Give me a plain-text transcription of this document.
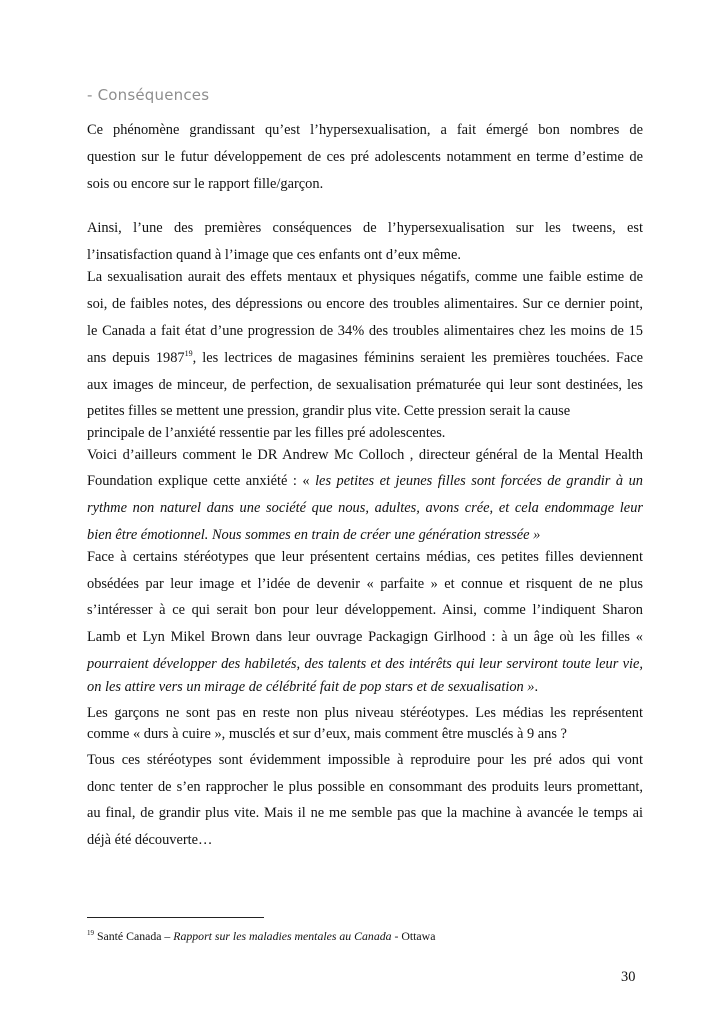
- Conséquences
Ce phénomène grandissant qu’est l’hypersexualisation, a fait émergé bon nombres de
question sur le futur développement de ces pré adolescents notamment en terme d’estime de
sois ou encore sur le rapport fille/garçon.
Ainsi, l’une des premières conséquences de l’hypersexualisation sur les tweens, est
l’insatisfaction quand à l’image que ces enfants ont d’eux même.
La sexualisation aurait des effets mentaux et physiques négatifs, comme une faible estime de
soi, de faibles notes, des dépressions ou encore des troubles alimentaires. Sur ce dernier point,
le Canada a fait état d’une progression de 34% des troubles alimentaires chez les moins de 15
ans depuis 1987$^{19}$, les lectrices de magasines féminins seraient les premières touchées. Face
aux images de minceur, de perfection, de sexualisation prématurée qui leur sont destinées, les
petites filles se mettent une pression, grandir plus vite. Cette pression serait la cause
principale de l’anxiété ressentie par les filles pré adolescentes.
Voici d’ailleurs comment le DR Andrew Mc Colloch , directeur général de la Mental Health
Foundation explique cette anxiété : « les petites et jeunes filles sont forcées de grandir à un
rythme non naturel dans une société que nous, adultes, avons crée, et cela endommage leur
bien être émotionnel. Nous sommes en train de créer une génération stressée »
Face à certains stéréotypes que leur présentent certains médias, ces petites filles deviennent
obsédées par leur image et l’idée de devenir « parfaite » et connue et risquent de ne plus
s’intéresser à ce qui serait bon pour leur développement. Ainsi, comme l’indiquent Sharon
Lamb et Lyn Mikel Brown dans leur ouvrage Packagign Girlhood : à un âge où les filles «
pourraient développer des habiletés, des talents et des intérêts qui leur serviront toute leur vie,
on les attire vers un mirage de célébrité fait de pop stars et de sexualisation ».
Les garçons ne sont pas en reste non plus niveau stéréotypes. Les médias les représentent
comme « durs à cuire », musclés et sur d’eux, mais comment être musclés à 9 ans ?
Tous ces stéréotypes sont évidemment impossible à reproduire pour les pré ados qui vont
donc tenter de s’en rapprocher le plus possible en consommant des produits leurs promettant,
au final, de grandir plus vite. Mais il ne me semble pas que la machine à avancée le temps ai
déjà été découverte…
$^{19}$ Santé Canada – Rapport sur les maladies mentales au Canada - Ottawa
30
